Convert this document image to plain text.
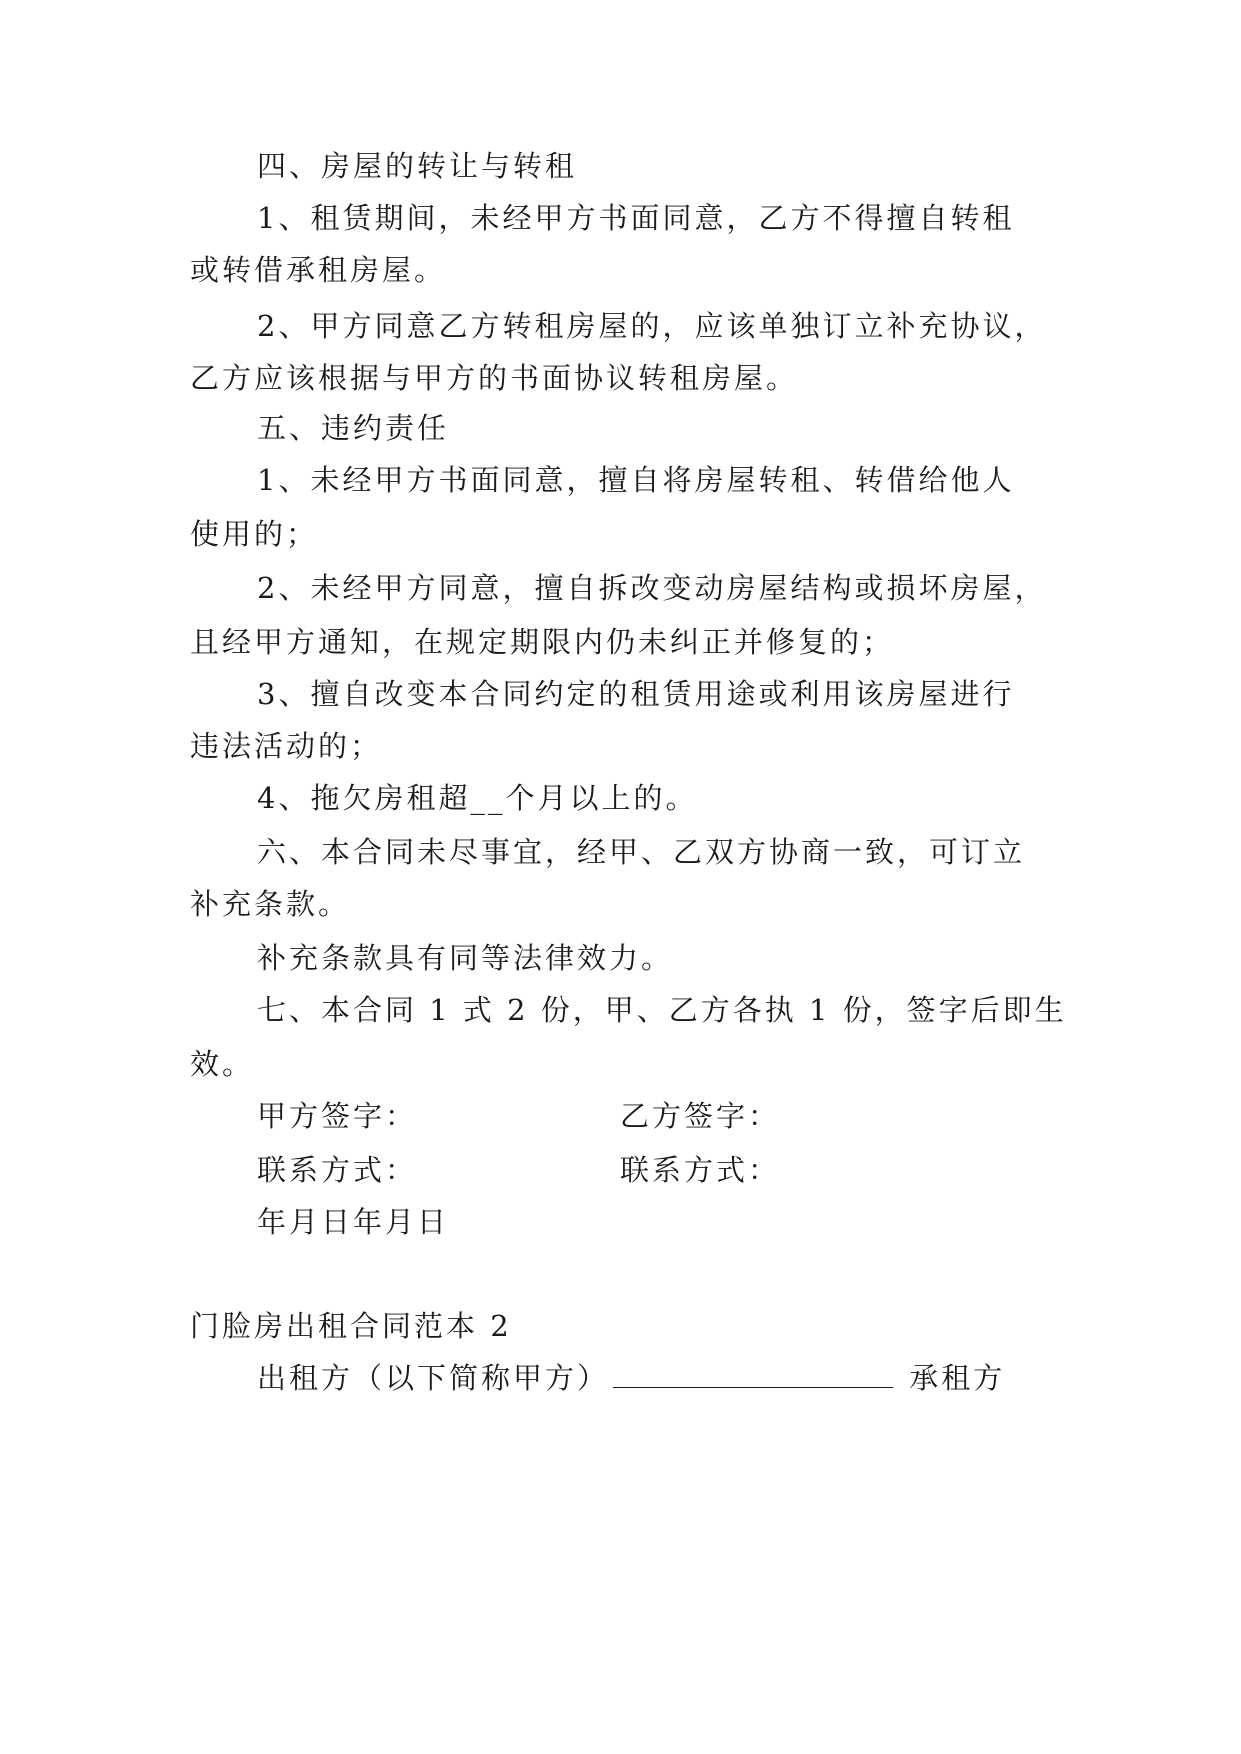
四、房屋的转让与转租
1、租赁期间，未经甲方书面同意，乙方不得擅自转租
或转借承租房屋。
2、甲方同意乙方转租房屋的，应该单独订立补充协议，
乙方应该根据与甲方的书面协议转租房屋。
五、违约责任
1、未经甲方书面同意，擅自将房屋转租、转借给他人
使用的；
2、未经甲方同意，擅自拆改变动房屋结构或损坏房屋，
且经甲方通知，在规定期限内仍未纠正并修复的；
3、擅自改变本合同约定的租赁用途或利用该房屋进行
违法活动的；
4、拖欠房租超__个月以上的。
六、本合同未尽事宜，经甲、乙双方协商一致，可订立
补充条款。
补充条款具有同等法律效力。
七、本合同 1 式 2 份，甲、乙方各执 1 份，签字后即生
效。
甲方签字：	乙方签字：
联系方式：	联系方式：
年月日年月日
门脸房出租合同范本 2
出租方（以下简称甲方）	承租方
